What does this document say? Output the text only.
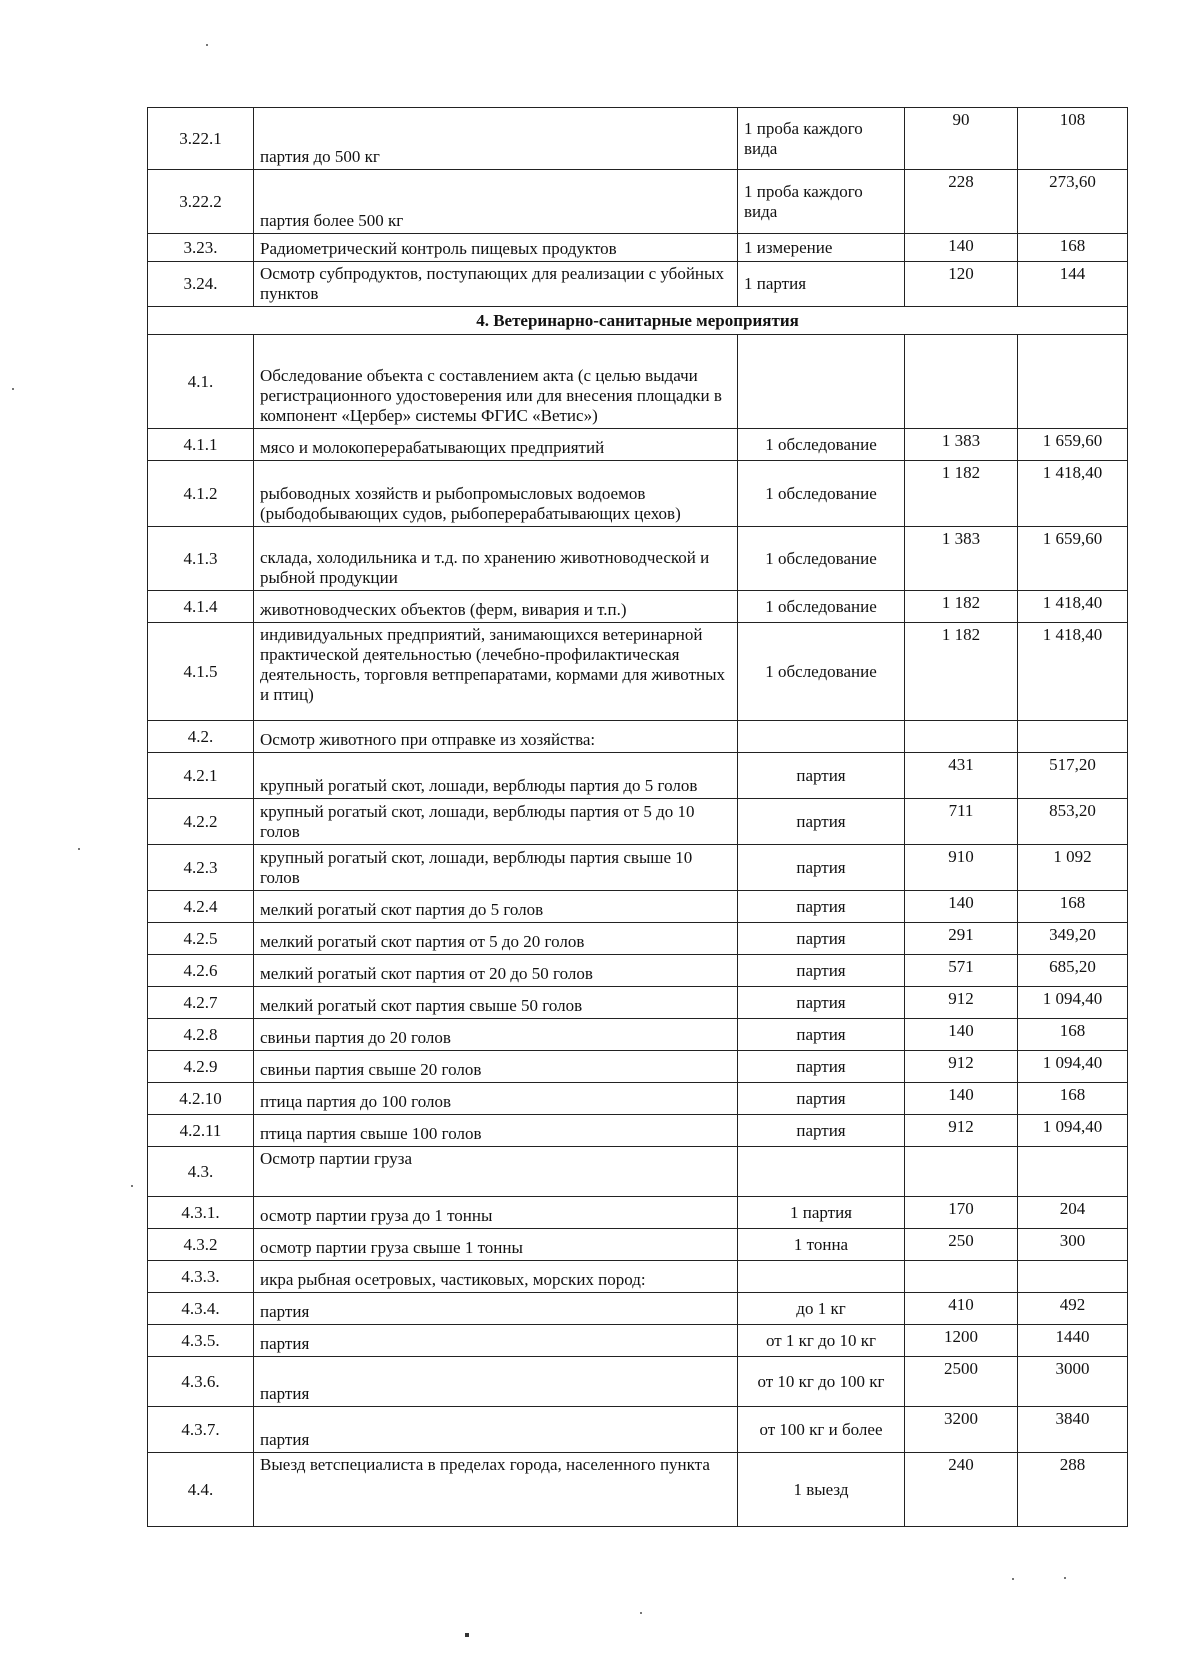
3.22.1	партия до 500 кг	1 проба каждого вида	90	108
3.22.2	партия более 500 кг	1 проба каждого вида	228	273,60
3.23.	Радиометрический контроль пищевых продуктов	1 измерение	140	168
3.24.	Осмотр субпродуктов, поступающих для реализации с убойных пунктов	1 партия	120	144
4. Ветеринарно-санитарные мероприятия				
4.1.	Обследование объекта с составлением акта (с целью выдачи регистрационного удостоверения или для внесения площадки в компонент «Цербер» системы ФГИС «Ветис»)			
4.1.1	мясо и молокоперерабатывающих предприятий	1 обследование	1 383	1 659,60
4.1.2	рыбоводных хозяйств и рыбопромысловых водоемов (рыбодобывающих судов, рыбоперерабатывающих цехов)	1 обследование	1 182	1 418,40
4.1.3	склада, холодильника и т.д. по хранению животноводческой и рыбной продукции	1 обследование	1 383	1 659,60
4.1.4	животноводческих объектов (ферм, вивария и т.п.)	1 обследование	1 182	1 418,40
4.1.5	индивидуальных предприятий, занимающихся ветеринарной практической деятельностью (лечебно-профилактическая деятельность, торговля ветпрепаратами, кормами для животных и птиц)	1 обследование	1 182	1 418,40
4.2.	Осмотр животного при отправке из хозяйства:			
4.2.1	крупный рогатый скот, лошади, верблюды партия до 5 голов	партия	431	517,20
4.2.2	крупный рогатый скот, лошади, верблюды партия от 5 до 10 голов	партия	711	853,20
4.2.3	крупный рогатый скот, лошади, верблюды партия свыше 10 голов	партия	910	1 092
4.2.4	мелкий рогатый скот партия до 5 голов	партия	140	168
4.2.5	мелкий рогатый скот партия от 5 до 20 голов	партия	291	349,20
4.2.6	мелкий рогатый скот партия от 20 до 50 голов	партия	571	685,20
4.2.7	мелкий рогатый скот партия свыше 50 голов	партия	912	1 094,40
4.2.8	свиньи партия до 20 голов	партия	140	168
4.2.9	свиньи партия свыше 20 голов	партия	912	1 094,40
4.2.10	птица партия до 100 голов	партия	140	168
4.2.11	птица партия свыше 100 голов	партия	912	1 094,40
4.3.	Осмотр партии груза			
4.3.1.	осмотр партии груза до 1 тонны	1 партия	170	204
4.3.2	осмотр партии груза свыше 1 тонны	1 тонна	250	300
4.3.3.	икра рыбная осетровых, частиковых, морских пород:			
4.3.4.	партия	до 1 кг	410	492
4.3.5.	партия	от 1 кг до 10 кг	1200	1440
4.3.6.	партия	от 10 кг до 100 кг	2500	3000
4.3.7.	партия	от 100 кг и более	3200	3840
4.4.	Выезд ветспециалиста в пределах города, населенного пункта	1 выезд	240	288
